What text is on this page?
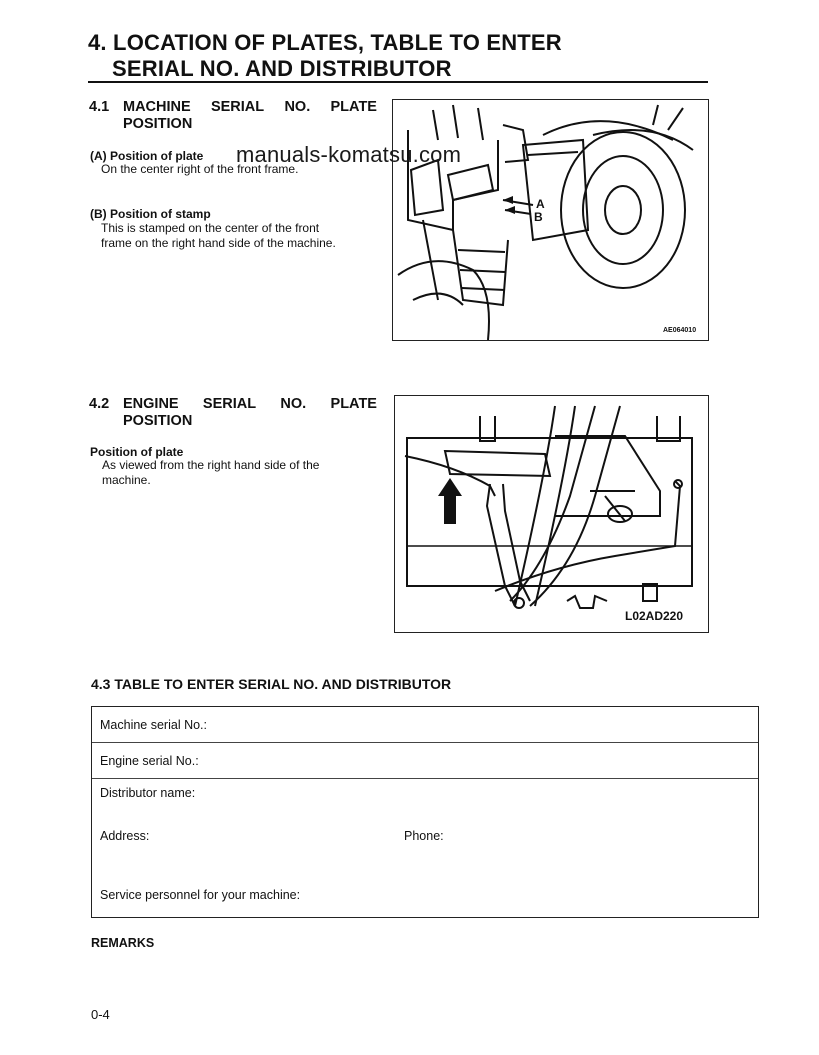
4. LOCATION OF PLATES, TABLE TO ENTER
SERIAL NO. AND DISTRIBUTOR
4.1 MACHINE SERIAL NO. PLATE
POSITION
(A) Position of plate
On the center right of the front frame.
(B) Position of stamp
This is stamped on the center of the front
frame on the right hand side of the machine.
A
B
AE064010
manuals-komatsu.com
4.2 ENGINE SERIAL NO. PLATE
POSITION
Position of plate
As viewed from the right hand side of the
machine.
L02AD220
4.3 TABLE TO ENTER SERIAL NO. AND DISTRIBUTOR
Machine serial No.:
Engine serial No.:
Distributor name:
Address:	Phone:
Service personnel for your machine:
REMARKS
0-4
